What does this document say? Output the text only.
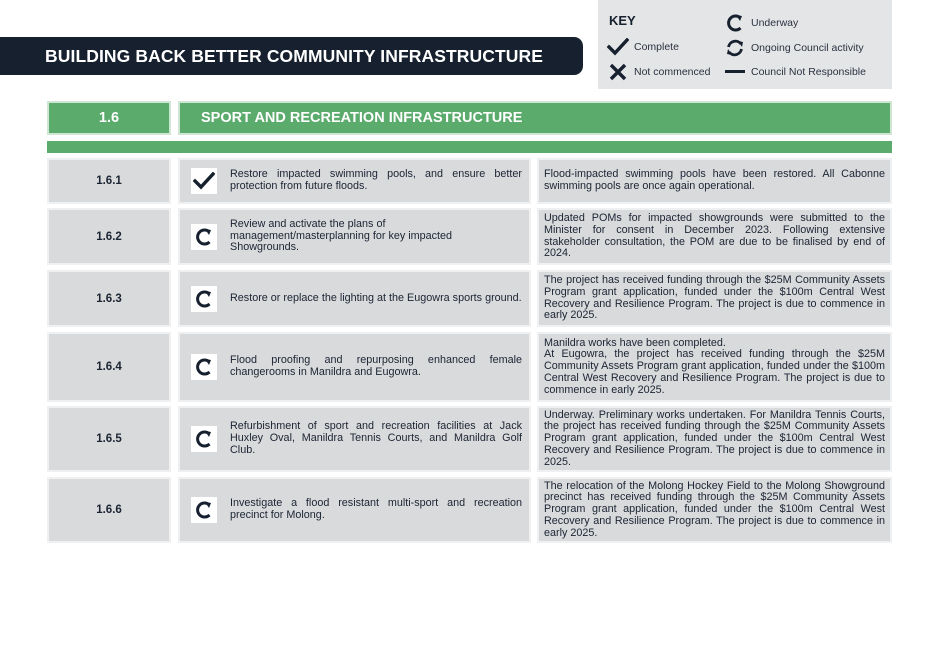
BUILDING BACK BETTER COMMUNITY INFRASTRUCTURE
KEY
Complete
Not commenced
Underway
Ongoing Council activity
Council Not Responsible
1.6	SPORT AND RECREATION INFRASTRUCTURE
1.6.1
Restore impacted swimming pools, and ensure better protection from future floods.
Flood-impacted swimming pools have been restored. All Cabonne swimming pools are once again operational.
1.6.2
Review and activate the plans of management/masterplanning for key impacted Showgrounds.
Updated POMs for impacted showgrounds were submitted to the Minister for consent in December 2023. Following extensive stakeholder consultation, the POM are due to be finalised by end of 2024.
1.6.3	Restore or replace the lighting at the Eugowra sports ground.
The project has received funding through the $25M Community Assets Program grant application, funded under the $100m Central West Recovery and Resilience Program. The project is due to commence in early 2025.
1.6.4
Flood proofing and repurposing enhanced female changerooms in Manildra and Eugowra.
Manildra works have been completed.
At Eugowra, the project has received funding through the $25M Community Assets Program grant application, funded under the $100m Central West Recovery and Resilience Program. The project is due to commence in early 2025.
1.6.5
Refurbishment of sport and recreation facilities at Jack Huxley Oval, Manildra Tennis Courts, and Manildra Golf Club.
Underway. Preliminary works undertaken. For Manildra Tennis Courts, the project has received funding through the $25M Community Assets Program grant application, funded under the $100m Central West Recovery and Resilience Program. The project is due to commence in 2025.
1.6.6
Investigate a flood resistant multi-sport and recreation precinct for Molong.
The relocation of the Molong Hockey Field to the Molong Showground precinct has received funding through the $25M Community Assets Program grant application, funded under the $100m Central West Recovery and Resilience Program. The project is due to commence in early 2025.
